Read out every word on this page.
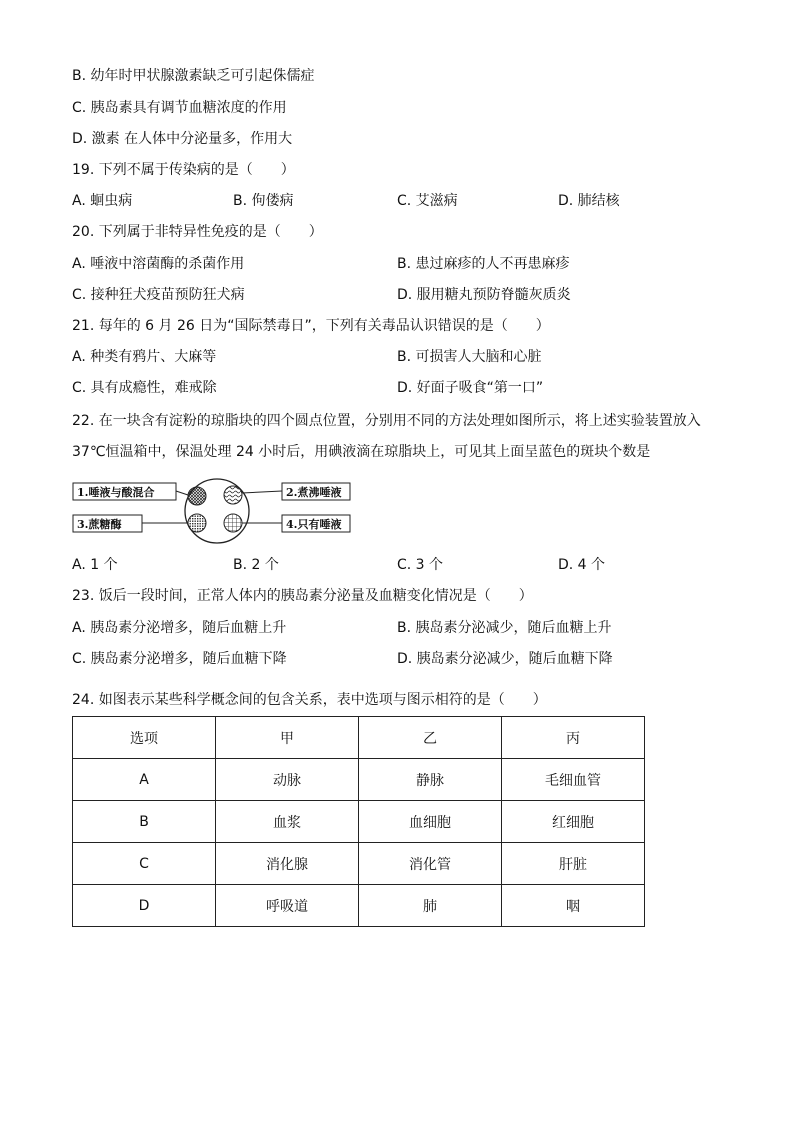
B. 幼年时甲状腺激素缺乏可引起侏儒症
C. 胰岛素具有调节血糖浓度的作用
D. 激素 在人体中分泌量多，作用大
19. 下列不属于传染病的是（　　）
A. 蛔虫病	B. 佝偻病	C. 艾滋病	D. 肺结核
20. 下列属于非特异性免疫的是（　　）
A. 唾液中溶菌酶的杀菌作用	B. 患过麻疹的人不再患麻疹
C. 接种狂犬疫苗预防狂犬病	D. 服用糖丸预防脊髓灰质炎
21. 每年的 6 月 26 日为“国际禁毒日”，下列有关毒品认识错误的是（　　）
A. 种类有鸦片、大麻等	B. 可损害人大脑和心脏
C. 具有成瘾性，难戒除	D. 好面子吸食“第一口”
22. 在一块含有淀粉的琼脂块的四个圆点位置，分别用不同的方法处理如图所示，将上述实验装置放入
37℃恒温箱中，保温处理 24 小时后，用碘液滴在琼脂块上，可见其上面呈蓝色的斑块个数是
1.唾液与酸混合	2.煮沸唾液
3.蔗糖酶	4.只有唾液
A. 1 个	B. 2 个	C. 3 个	D. 4 个
23. 饭后一段时间，正常人体内的胰岛素分泌量及血糖变化情况是（　　）
A. 胰岛素分泌增多，随后血糖上升	B. 胰岛素分泌减少，随后血糖上升
C. 胰岛素分泌增多，随后血糖下降	D. 胰岛素分泌减少，随后血糖下降
24. 如图表示某些科学概念间的包含关系，表中选项与图示相符的是（　　）
选项	甲	乙	丙
A	动脉	静脉	毛细血管
B	血浆	血细胞	红细胞
C	消化腺	消化管	肝脏
D	呼吸道	肺	咽
